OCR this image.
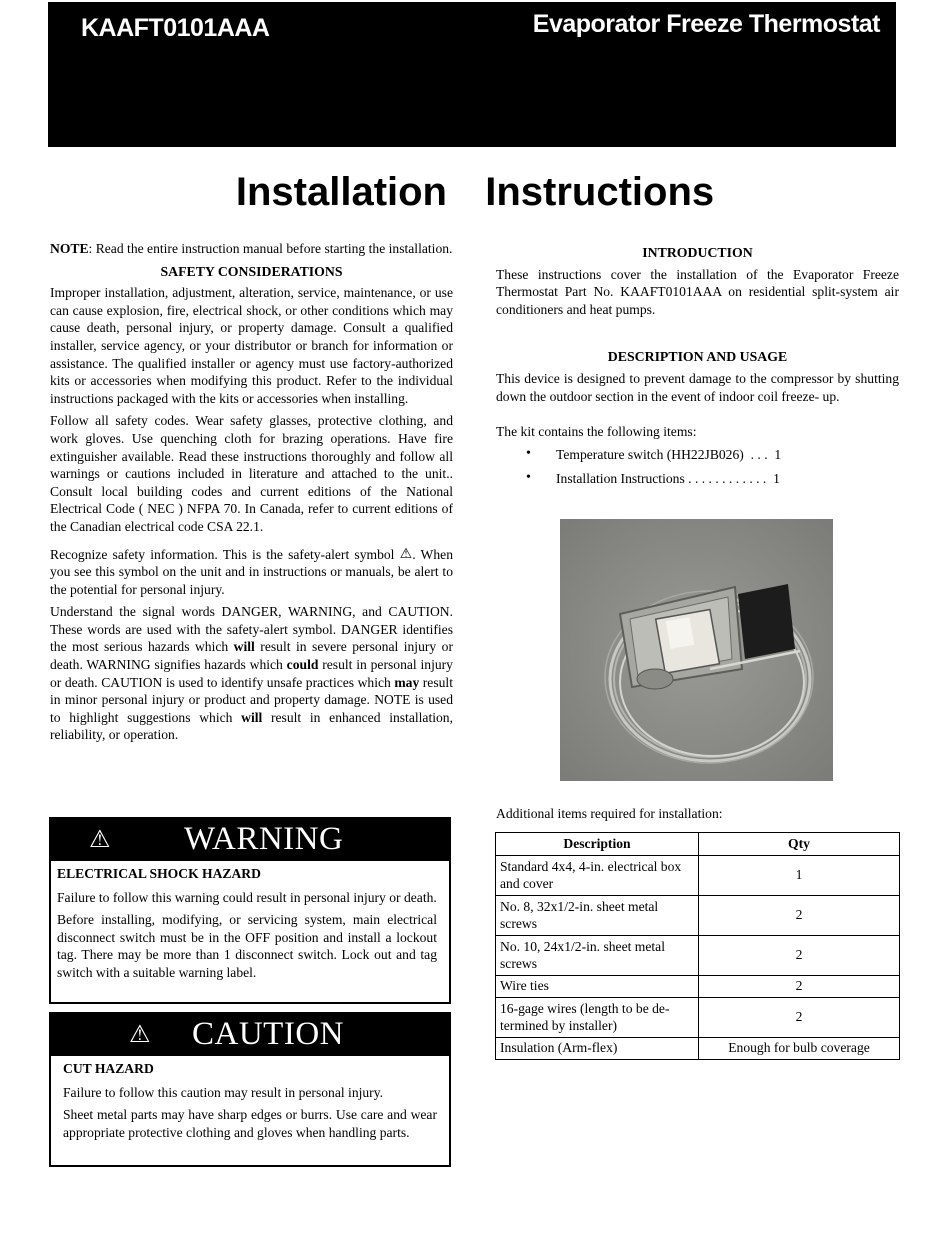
KAAFT0101AAA	Evaporator Freeze Thermostat
Installation  Instructions

NOTE: Read the entire instruction manual before starting the installation.

SAFETY CONSIDERATIONS

Improper installation, adjustment, alteration, service, maintenance, or use can cause explosion, fire, electrical shock, or other conditions which may cause death, personal injury, or property damage. Consult a qualified installer, service agency, or your distributor or branch for information or assistance. The qualified installer or agency must use factory-authorized kits or accessories when modifying this product. Refer to the individual instructions packaged with the kits or accessories when installing.

Follow all safety codes. Wear safety glasses, protective clothing, and work gloves. Use quenching cloth for brazing operations. Have fire extinguisher available. Read these instructions thoroughly and follow all warnings or cautions included in literature and attached to the unit.. Consult local building codes and current editions of the National Electrical Code ( NEC ) NFPA 70. In Canada, refer to current editions of the Canadian electrical code CSA 22.1.

Recognize safety information. This is the safety-alert symbol ⚠. When you see this symbol on the unit and in instructions or manuals, be alert to the potential for personal injury.

Understand the signal words DANGER, WARNING, and CAUTION. These words are used with the safety-alert symbol. DANGER identifies the most serious hazards which will result in severe personal injury or death. WARNING signifies hazards which could result in personal injury or death. CAUTION is used to identify unsafe practices which may result in minor personal injury or product and property damage. NOTE is used to highlight suggestions which will result in enhanced installation, reliability, or operation.

⚠ WARNING

ELECTRICAL SHOCK HAZARD

Failure to follow this warning could result in personal injury or death.

Before installing, modifying, or servicing system, main electrical disconnect switch must be in the OFF position and install a lockout tag. There may be more than 1 disconnect switch. Lock out and tag switch with a suitable warning label.

⚠ CAUTION

CUT HAZARD

Failure to follow this caution may result in personal injury.

Sheet metal parts may have sharp edges or burrs. Use care and wear appropriate protective clothing and gloves when handling parts.

INTRODUCTION

These instructions cover the installation of the Evaporator Freeze Thermostat Part No. KAAFT0101AAA on residential split-system air conditioners and heat pumps.

DESCRIPTION AND USAGE

This device is designed to prevent damage to the compressor by shutting down the outdoor section in the event of indoor coil freeze- up.

The kit contains the following items:

• Temperature switch (HH22JB026)  . . .  1
• Installation Instructions . . . . . . . . . . . .  1
Additional items required for installation:
Description	Qty
Standard 4x4, 4-in. electrical box and cover	1
No. 8, 32x1/2-in. sheet metal screws	2
No. 10, 24x1/2-in. sheet metal screws	2
Wire ties	2
16-gage wires (length to be de-termined by installer)	2
Insulation (Arm-flex)	Enough for bulb coverage
